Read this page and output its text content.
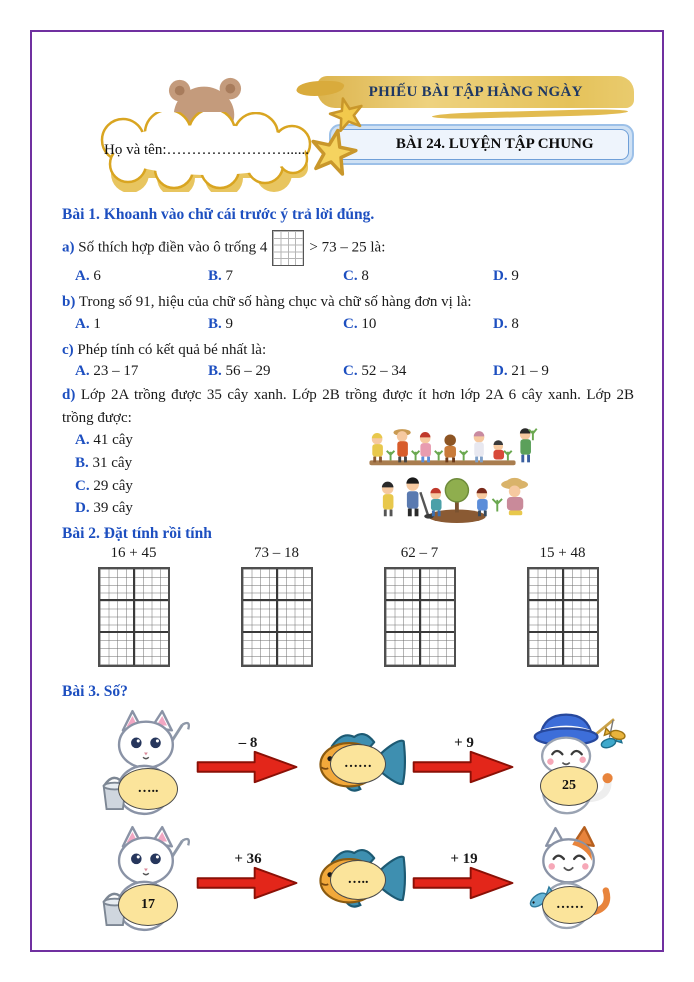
Họ và tên:……………………......
PHIẾU BÀI TẬP HÀNG NGÀY
BÀI 24. LUYỆN TẬP CHUNG
Bài 1. Khoanh vào chữ cái trước ý trả lời đúng.
a) Số thích hợp điền vào ô trống 4	> 73 – 25 là:
A. 6	B. 7	C. 8	D. 9
b) Trong số 91, hiệu của chữ số hàng chục và chữ số hàng đơn vị là:
A. 1	B. 9	C. 10	D. 8
c) Phép tính có kết quả bé nhất là:
A. 23 – 17	B. 56 – 29	C. 52 – 34	D. 21 – 9
d) Lớp 2A trồng được 35 cây xanh. Lớp 2B trồng được ít hơn lớp 2A 6 cây xanh. Lớp 2B trồng được:
A. 41 cây
B. 31 cây
C. 29 cây
D. 39 cây
Bài 2. Đặt tính rồi tính
16 + 45	73 – 18	62 – 7	15 + 48
Bài 3. Số?
…..
– 8
……
+ 9
25
17
+ 36
…..
+ 19
……
